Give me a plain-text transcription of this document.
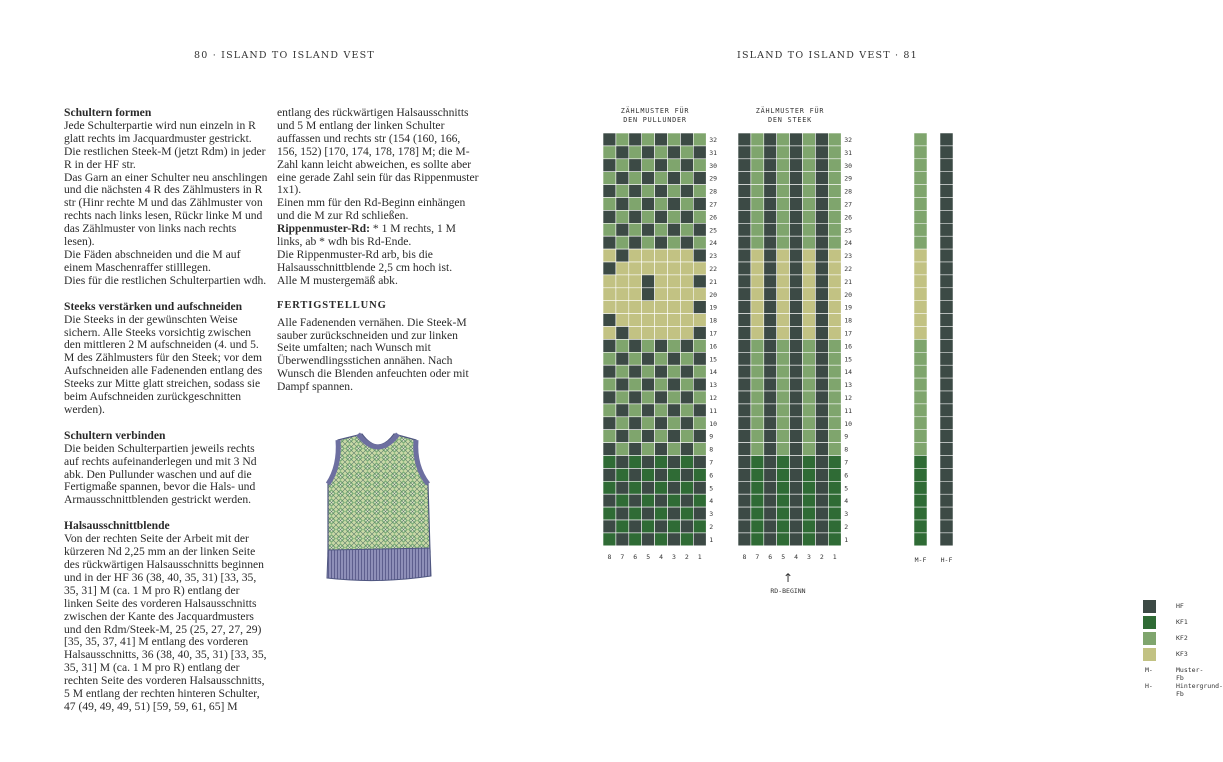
80 · ISLAND TO ISLAND VEST
Schultern formen

Jede Schulterpartie wird nun einzeln in R glatt rechts im Jacquardmuster gestrickt. Die restlichen Steek-M (jetzt Rdm) in jeder R in der HF str.

Das Garn an einer Schulter neu anschlingen und die nächsten 4 R des Zählmusters in R str (Hinr rechte M und das Zählmuster von rechts nach links lesen, Rückr linke M und das Zählmuster von links nach rechts lesen).

Die Fäden abschneiden und die M auf einem Maschenraffer stilllegen.

Dies für die restlichen Schulterpartien wdh.

Steeks verstärken und aufschneiden

Die Steeks in der gewünschten Weise sichern. Alle Steeks vorsichtig zwischen den mittleren 2 M aufschneiden (4. und 5. M des Zählmusters für den Steek; vor dem Aufschneiden alle Fadenenden entlang des Steeks zur Mitte glatt streichen, sodass sie beim Aufschneiden zurückgeschnitten werden).

Schultern verbinden

Die beiden Schulterpartien jeweils rechts auf rechts aufeinanderlegen und mit 3 Nd abk. Den Pullunder waschen und auf die Fertigmaße spannen, bevor die Hals- und Armausschnittblenden gestrickt werden.

Halsausschnittblende

Von der rechten Seite der Arbeit mit der kürzeren Nd 2,25 mm an der linken Seite des rückwärtigen Halsausschnitts beginnen und in der HF 36 (38, 40, 35, 31) [33, 35, 35, 31] M (ca. 1 M pro R) entlang der linken Seite des vorderen Halsausschnitts zwischen der Kante des Jacquardmusters und den Rdm/Steek-M, 25 (25, 27, 27, 29) [35, 35, 37, 41] M entlang des vorderen Halsausschnitts, 36 (38, 40, 35, 31) [33, 35, 35, 31] M (ca. 1 M pro R) entlang der rechten Seite des vorderen Halsausschnitts, 5 M entlang der rechten hinteren Schulter, 47 (49, 49, 49, 51) [59, 59, 61, 65] M

entlang des rückwärtigen Halsausschnitts und 5 M entlang der linken Schulter auffassen und rechts str (154 (160, 166, 156, 152) [170, 174, 178, 178] M; die M-Zahl kann leicht abweichen, es sollte aber eine gerade Zahl sein für das Rippenmuster 1x1).

Einen mm für den Rd-Beginn einhängen und die M zur Rd schließen.

Rippenmuster-Rd: * 1 M rechts, 1 M links, ab * wdh bis Rd-Ende.

Die Rippenmuster-Rd arb, bis die Halsausschnittblende 2,5 cm hoch ist.

Alle M mustergemäß abk.

FERTIGSTELLUNG

Alle Fadenenden vernähen. Die Steek-M sauber zurückschneiden und zur linken Seite umfalten; nach Wunsch mit Überwendlingsstichen annähen. Nach Wunsch die Blenden anfeuchten oder mit Dampf spannen.

ISLAND TO ISLAND VEST · 81
ZÄHLMUSTER FÜR
DEN PULLUNDER
ZÄHLMUSTER FÜR
DEN STEEK
32
31
30
29
28
27
26
25
24
23
22
21
20
19
18
17
16
15
14
13
12
11
10
9
8
7
6
5
4
3
2
1
8 7 6 5 4 3 2 1
32
31
30
29
28
27
26
25
24
23
22
21
20
19
18
17
16
15
14
13
12
11
10
9
8
7
6
5
4
3
2
1
8 7 6 5 4 3 2 1	M-F H-F
↑
RD-BEGINN
HF
KF1
KF2
KF3
M-	Muster-Fb
H-	Hintergrund-Fb
